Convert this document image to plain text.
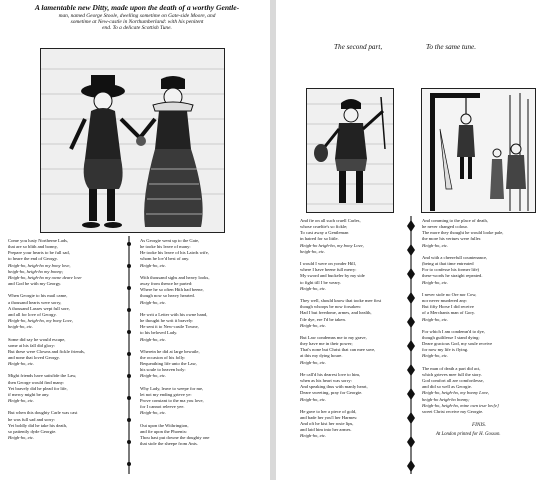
A lamentable new Ditty, made upon the death of a worthy Gentle-
man, named George Stoole, dwelling sometime on Gate-side Moore, and
sometime at New-castle in Northumberland: with his penitent
end. To a delicate Scottish Tune.
Come you lusty Northerne Lads,
that are so blith and bonny,
Prepare your hearts to be full sad,
to heare the end of Georgy.
Heigh-ho, heigh-ho my bony love,
heigh-ho, heigh-ho my bonny;
Heigh-ho, heigh-ho my owne deare love
and God be with my Georgy.

When Georgie to his mail came,
a thousand hearts were sorry,
A thousand Lasses wept full sore,
and all for love of Georgy.
Heigh-ho, heigh-ho, my bony Love,
heigh-ho, etc.

Some did say he would escape,
some at his fall did glory:
But these were Clowns and fickle friends,
and none that loved Georgy.
Heigh-ho, etc.

Might friends have satisfide the Law,
then George would find many:
Yet bravely did he plead for life,
if mercy might be any.
Heigh-ho, etc.

But when this doughty Carle was cast
he was full sad and sorry:
Yet boldly did he take his death,
so patiently dyde Georgie.
Heigh-ho, etc.
As Georgie went up to the Gate,
he tooke his leave of many:
He tooke his leave of his Lairds wife,
whom he lov'd best of any.
Heigh-ho, etc.

With thousand sighs and heavy looks,
away from thence he parted:
Where he so often Hith had beene,
though now so heavy hearted.
Heigh-ho, etc.

He writ a Letter with his owne hand,
he thought he writ it bravely:
He sent it to New-castle Towne,
to his beloved Lady.
Heigh-ho, etc.

Wherein he did at large bewaile,
the occasion of his folly:
Bequeathing life unto the Law,
his soule to heaven holy:
Heigh-ho, etc.

Why Lady, leave to weepe for me,
let not my ending grieve ye:
Prove constant to the ma you love,
for I cannot releeve yee.
Heigh-ho, etc.

Out upon the Withrington,
and fie upon the Phoenix:
Thou hast put downe the doughty one
that stole the sheepe from Anis.
The second part,	To the same tune.
And fie on all such cruell Carles,
whose crueltie's so fickle;
To cast away a Gentleman
in hatred for so little.
Heigh-ho heigh-ho, my bony Love,
heigh-ho, etc.

I would I were on yonder Hill,
where I have beene full merry:
My sword and buckeler by my side
to fight till I be weary.
Heigh-ho, etc.

They well, should know that tooke mee first
though whoops be now forsaken:
Had I but freedome, armes, and health,
I'de dye, ere I'd be taken.
Heigh-ho, etc.

But Law condemns me to my grave,
they have me in their power;
That's none but Christ that can mee save,
at this my dying houre.
Heigh-ho, etc.

He call'd his dearest love to him,
when as his heart was sorry:
And speaking thus with manly heart,
Deare sweeting, pray for Georgie.
Heigh-ho, etc.

He gave to her a piece of gold,
and bade her you'l her Harmes:
And oft he kist her rosie lips,
and laid him into her armes.
Heigh-ho, etc.
And comming to the place of death,
he never changed colour.
The more they thought he would looke pale,
the more his vertues were fuller.
Heigh-ho, etc.

And with a cheerefull countenance,
(being at that time entreated
For to confesse his former life)
these-words he straight repeated.
Heigh-ho, etc.

I never stole no Ore nor Cow,
nor never murdered any:
But fifty Horse I did receive
of a Merchants man of Gory.
Heigh-ho, etc.

For which I am condemn'd to dye,
though guiltlesse I stand dying:
Deare gracious God, my soule receive
for now my life is flying.
Heigh-ho, etc.

The man of death a part did act,
which grieves mee full the story.
God comfort all are comfortlesse,
and did so well as Georgie.
Heigh-ho, heigh-ho, my bonny Love,
heigh-ho heigh-ho bonny;
Heigh-ho, heigh-ho, mine own true lov[e]
sweet Christ receive my Georgie.
FINIS.
At London printed for H. Gosson.
